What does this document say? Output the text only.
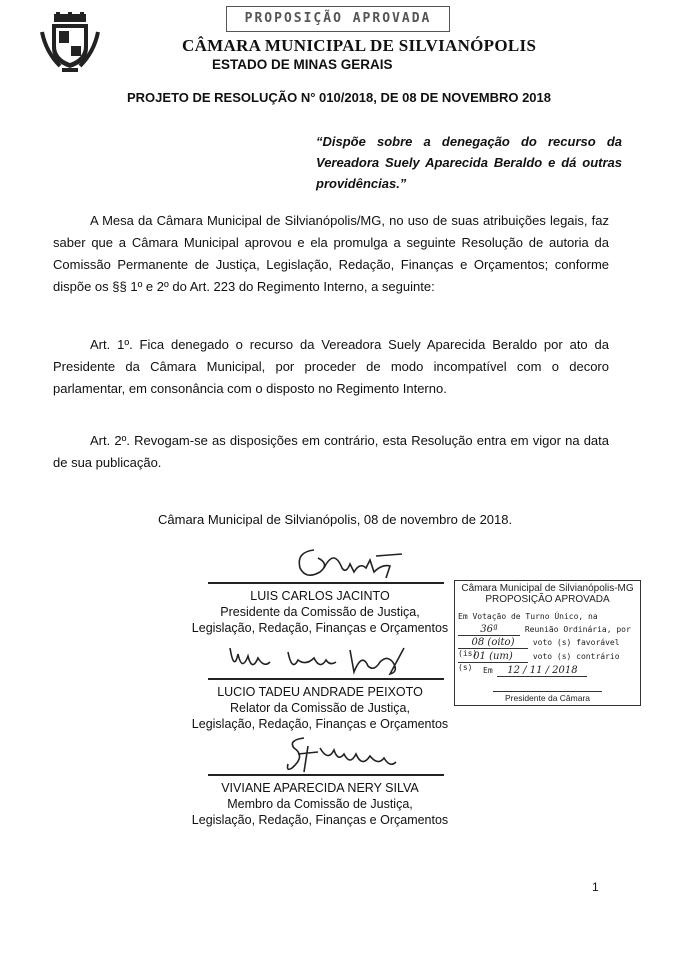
PROPOSIÇÃO APROVADA
CÂMARA MUNICIPAL DE SILVIANÓPOLIS
ESTADO DE MINAS GERAIS
PROJETO DE RESOLUÇÃO N° 010/2018, DE 08 DE NOVEMBRO 2018
“Dispõe sobre a denegação do recurso da Vereadora Suely Aparecida Beraldo e dá outras providências.”
A Mesa da Câmara Municipal de Silvianópolis/MG, no uso de suas atribuições legais, faz saber que a Câmara Municipal aprovou e ela promulga a seguinte Resolução de autoria da Comissão Permanente de Justiça, Legislação, Redação, Finanças e Orçamentos; conforme dispõe os §§ 1º e 2º do Art. 223 do Regimento Interno, a seguinte:
Art. 1º. Fica denegado o recurso da Vereadora Suely Aparecida Beraldo por ato da Presidente da Câmara Municipal, por proceder de modo incompatível com o decoro parlamentar, em consonância com o disposto no Regimento Interno.
Art. 2º. Revogam-se as disposições em contrário, esta Resolução entra em vigor na data de sua publicação.
Câmara Municipal de Silvianópolis, 08 de novembro de 2018.
LUIS CARLOS JACINTO
Presidente da Comissão de Justiça,
Legislação, Redação, Finanças e Orçamentos
LUCIO TADEU ANDRADE PEIXOTO
Relator da Comissão de Justiça,
Legislação, Redação, Finanças e Orçamentos
VIVIANE APARECIDA NERY SILVA
Membro da Comissão de Justiça,
Legislação, Redação, Finanças e Orçamentos
Câmara Municipal de Silvianópolis-MG
PROPOSIÇÃO APROVADA
Em Votação de Turno Único, na
36ª	Reunião Ordinária, por
08 (oito) voto (s) favorável (is)
01 (um)	voto (s) contrário (s)	Em 12 / 11 / 2018
Presidente da Câmara
1
